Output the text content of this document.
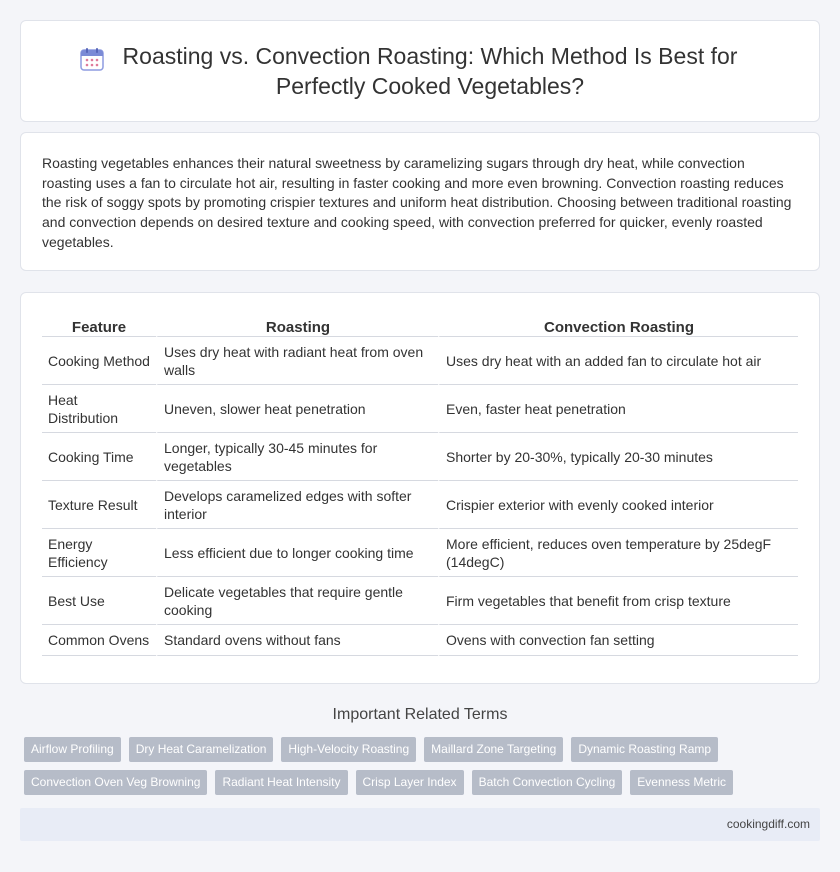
Roasting vs. Convection Roasting: Which Method Is Best for Perfectly Cooked Vegetables?

Roasting vegetables enhances their natural sweetness by caramelizing sugars through dry heat, while convection roasting uses a fan to circulate hot air, resulting in faster cooking and more even browning. Convection roasting reduces the risk of soggy spots by promoting crispier textures and uniform heat distribution. Choosing between traditional roasting and convection depends on desired texture and cooking speed, with convection preferred for quicker, evenly roasted vegetables.

Feature	Roasting	Convection Roasting
Cooking Method	Uses dry heat with radiant heat from oven walls	Uses dry heat with an added fan to circulate hot air
Heat Distribution	Uneven, slower heat penetration	Even, faster heat penetration
Cooking Time	Longer, typically 30-45 minutes for vegetables	Shorter by 20-30%, typically 20-30 minutes
Texture Result	Develops caramelized edges with softer interior	Crispier exterior with evenly cooked interior
Energy Efficiency	Less efficient due to longer cooking time	More efficient, reduces oven temperature by 25degF (14degC)
Best Use	Delicate vegetables that require gentle cooking	Firm vegetables that benefit from crisp texture
Common Ovens	Standard ovens without fans	Ovens with convection fan setting
Important Related Terms
Airflow Profiling	Dry Heat Caramelization	High-Velocity Roasting	Maillard Zone Targeting	Dynamic Roasting Ramp
Convection Oven Veg Browning	Radiant Heat Intensity	Crisp Layer Index	Batch Convection Cycling	Evenness Metric
cookingdiff.com
